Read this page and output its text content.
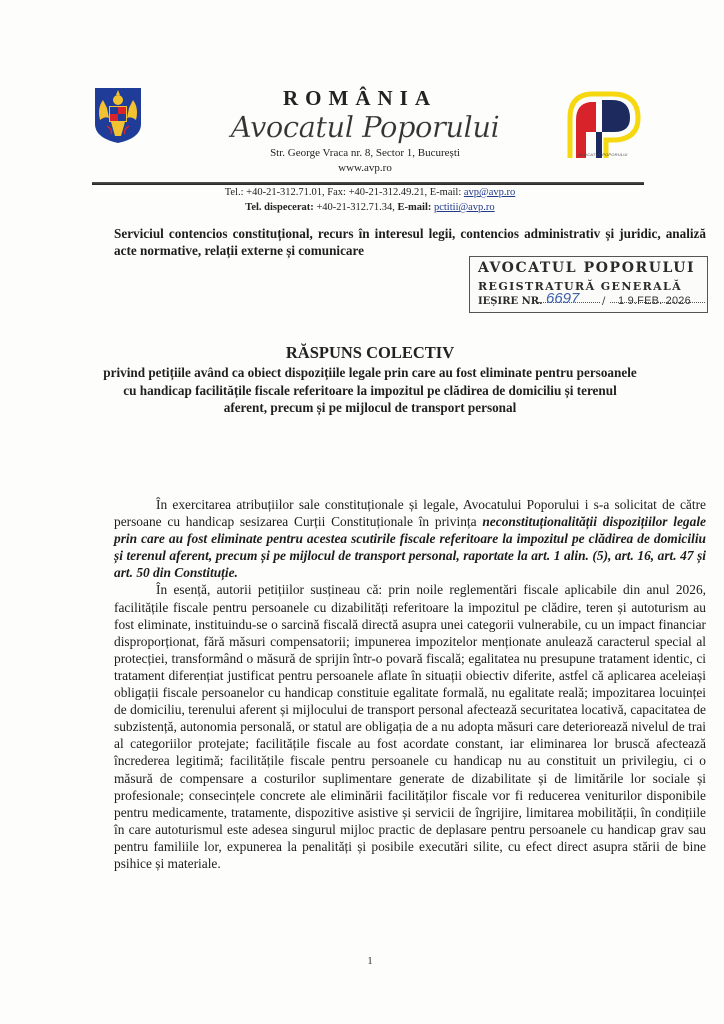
ROMÂNIA
Avocatul Poporului
Str. George Vraca nr. 8, Sector 1, București
www.avp.ro
AVOCATUL POPORULUI
Tel.: +40-21-312.71.01, Fax: +40-21-312.49.21, E-mail: avp@avp.ro
Tel. dispecerat: +40-21-312.71.34, E-mail: pctitii@avp.ro
Serviciul contencios constituțional, recurs în interesul legii, contencios administrativ și juridic, analiză acte normative, relații externe și comunicare
AVOCATUL POPORULUI
REGISTRATURĂ GENERALĂ
IEȘIRE NR. 6697 / 1 9.FEB. 2026
RĂSPUNS COLECTIV
privind petițiile având ca obiect dispozițiile legale prin care au fost eliminate pentru persoanele cu handicap facilitățile fiscale referitoare la impozitul pe clădirea de domiciliu și terenul aferent, precum și pe mijlocul de transport personal

În exercitarea atribuțiilor sale constituționale și legale, Avocatului Poporului i s-a solicitat de către persoane cu handicap sesizarea Curții Constituționale în privința neconstituționalității dispozițiilor legale prin care au fost eliminate pentru acestea scutirile fiscale referitoare la impozitul pe clădirea de domiciliu și terenul aferent, precum și pe mijlocul de transport personal, raportate la art. 1 alin. (5), art. 16, art. 47 și art. 50 din Constituție.

În esență, autorii petițiilor susțineau că: prin noile reglementări fiscale aplicabile din anul 2026, facilitățile fiscale pentru persoanele cu dizabilități referitoare la impozitul pe clădire, teren și autoturism au fost eliminate, instituindu-se o sarcină fiscală directă asupra unei categorii vulnerabile, cu un impact financiar disproporționat, fără măsuri compensatorii; impunerea impozitelor menționate anulează caracterul special al protecției, transformând o măsură de sprijin într-o povară fiscală; egalitatea nu presupune tratament identic, ci tratament diferențiat justificat pentru persoanele aflate în situații obiectiv diferite, astfel că aplicarea aceleiași obligații fiscale persoanelor cu handicap constituie egalitate formală, nu egalitate reală; impozitarea locuinței de domiciliu, terenului aferent și mijlocului de transport personal afectează securitatea locativă, capacitatea de subzistență, autonomia personală, or statul are obligația de a nu adopta măsuri care deteriorează nivelul de trai al categoriilor protejate; facilitățile fiscale au fost acordate constant, iar eliminarea lor bruscă afectează încrederea legitimă; facilitățile fiscale pentru persoanele cu handicap nu au constituit un privilegiu, ci o măsură de compensare a costurilor suplimentare generate de dizabilitate și de limitările lor sociale și profesionale; consecințele concrete ale eliminării facilităților fiscale vor fi reducerea veniturilor disponibile pentru medicamente, tratamente, dispozitive asistive și servicii de îngrijire, limitarea mobilității, în condițiile în care autoturismul este adesea singurul mijloc practic de deplasare pentru persoanele cu handicap grav sau pentru familiile lor, expunerea la penalități și posibile executări silite, cu efect direct asupra stării de bine psihice și materiale.

1
